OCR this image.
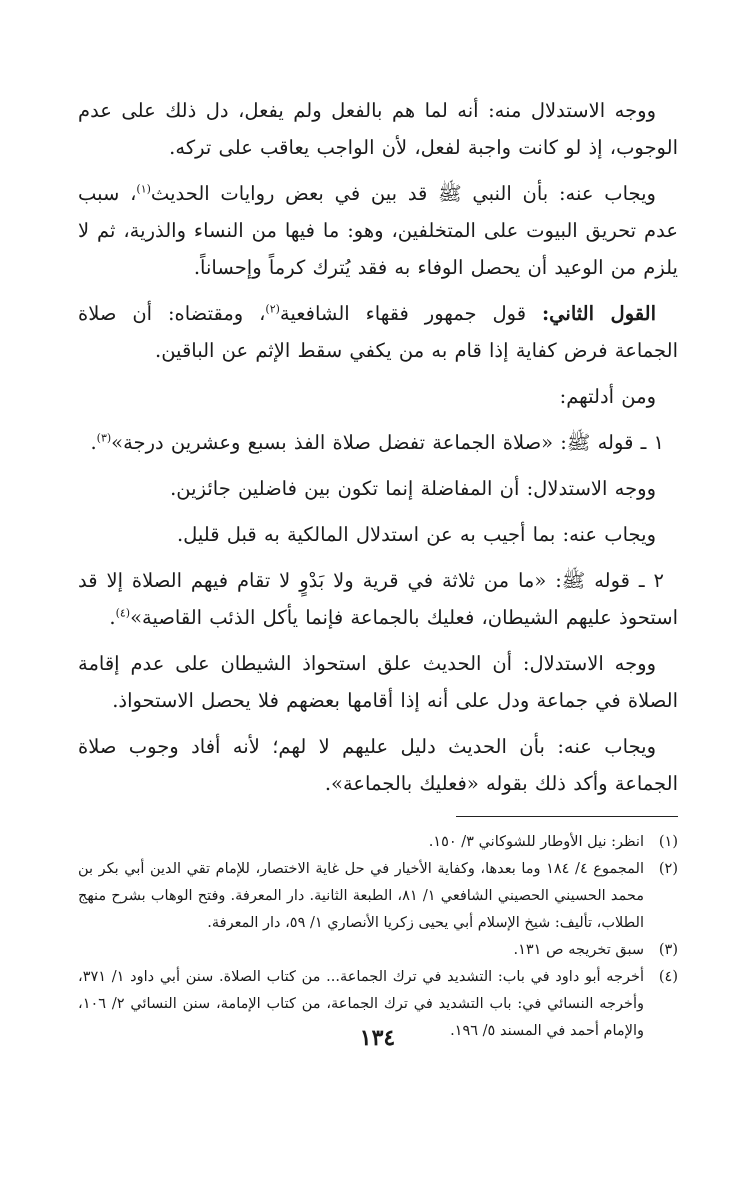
ووجه الاستدلال منه: أنه لما هم بالفعل ولم يفعل، دل ذلك على عدم الوجوب، إذ لو كانت واجبة لفعل، لأن الواجب يعاقب على تركه.

ويجاب عنه: بأن النبي ﷺ قد بين في بعض روايات الحديث$^{(١)}$، سبب عدم تحريق البيوت على المتخلفين، وهو: ما فيها من النساء والذرية، ثم لا يلزم من الوعيد أن يحصل الوفاء به فقد يُترك كرماً وإحساناً.

القول الثاني: قول جمهور فقهاء الشافعية$^{(٢)}$، ومقتضاه: أن صلاة الجماعة فرض كفاية إذا قام به من يكفي سقط الإثم عن الباقين.

ومن أدلتهم:

١ ـ قوله ﷺ: «صلاة الجماعة تفضل صلاة الفذ بسبع وعشرين درجة»$^{(٣)}$.

ووجه الاستدلال: أن المفاضلة إنما تكون بين فاضلين جائزين.

ويجاب عنه: بما أجيب به عن استدلال المالكية به قبل قليل.

٢ ـ قوله ﷺ: «ما من ثلاثة في قرية ولا بَدْوٍ لا تقام فيهم الصلاة إلا قد استحوذ عليهم الشيطان، فعليك بالجماعة فإنما يأكل الذئب القاصية»$^{(٤)}$.

ووجه الاستدلال: أن الحديث علق استحواذ الشيطان على عدم إقامة الصلاة في جماعة ودل على أنه إذا أقامها بعضهم فلا يحصل الاستحواذ.

ويجاب عنه: بأن الحديث دليل عليهم لا لهم؛ لأنه أفاد وجوب صلاة الجماعة وأكد ذلك بقوله «فعليك بالجماعة».

(١)
انظر: نيل الأوطار للشوكاني ٣/ ١٥٠.
(٢)
المجموع ٤/ ١٨٤ وما بعدها، وكفاية الأخيار في حل غاية الاختصار، للإمام تقي الدين أبي بكر بن محمد الحسيني الحصيني الشافعي ١/ ٨١، الطبعة الثانية. دار المعرفة. وفتح الوهاب بشرح منهج الطلاب، تأليف: شيخ الإسلام أبي يحيى زكريا الأنصاري ١/ ٥٩، دار المعرفة.
(٣)
سبق تخريجه ص ١٣١.
(٤)
أخرجه أبو داود في باب: التشديد في ترك الجماعة... من كتاب الصلاة. سنن أبي داود ١/ ٣٧١، وأخرجه النسائي في: باب التشديد في ترك الجماعة، من كتاب الإمامة، سنن النسائي ٢/ ١٠٦، والإمام أحمد في المسند ٥/ ١٩٦.
١٣٤
